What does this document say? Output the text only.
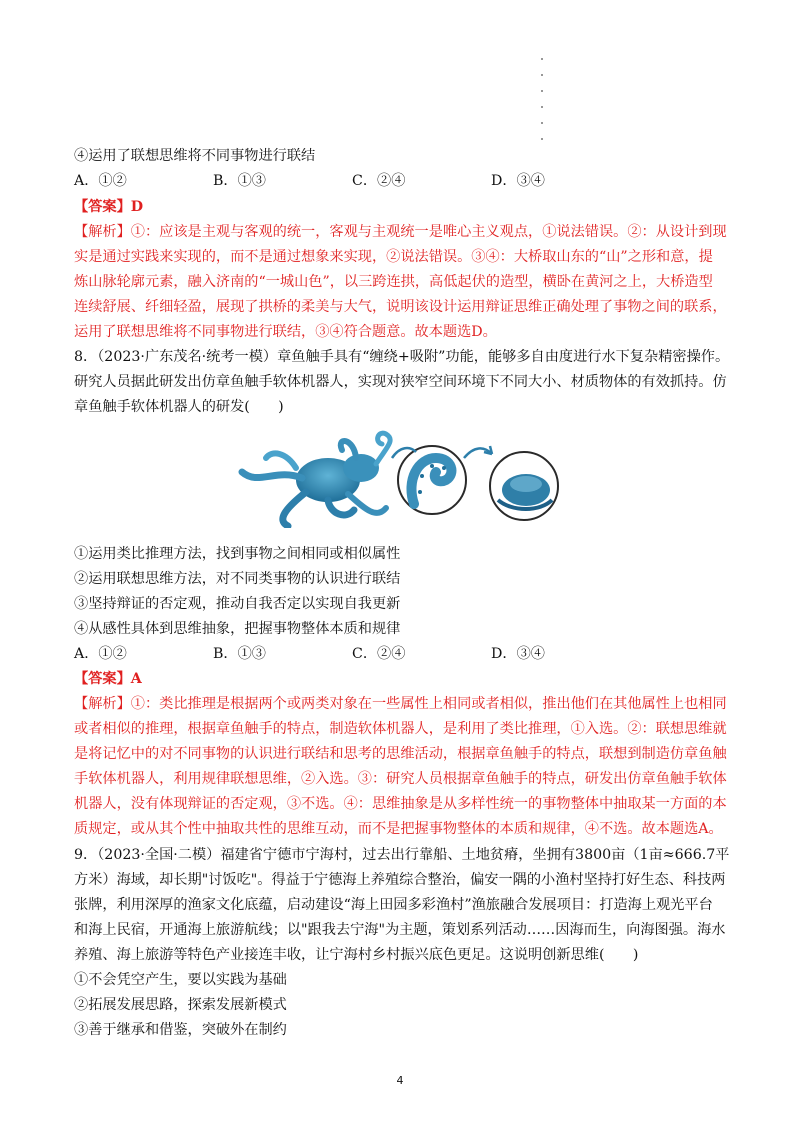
④运用了联想思维将不同事物进行联结
A．①②	B．①③	C．②④	D．③④
【答案】D
【解析】①：应该是主观与客观的统一，客观与主观统一是唯心主义观点，①说法错误。②：从设计到现
实是通过实践来实现的，而不是通过想象来实现，②说法错误。③④：大桥取山东的“山”之形和意，提
炼山脉轮廓元素，融入济南的“一城山色”，以三跨连拱，高低起伏的造型，横卧在黄河之上，大桥造型
连续舒展、纤细轻盈，展现了拱桥的柔美与大气，说明该设计运用辩证思维正确处理了事物之间的联系，
运用了联想思维将不同事物进行联结，③④符合题意。故本题选D。
8．（2023·广东茂名·统考一模）章鱼触手具有“缠绕+吸附”功能，能够多自由度进行水下复杂精密操作。
研究人员据此研发出仿章鱼触手软体机器人，实现对狭窄空间环境下不同大小、材质物体的有效抓持。仿
章鱼触手软体机器人的研发(　　)
①运用类比推理方法，找到事物之间相同或相似属性
②运用联想思维方法，对不同类事物的认识进行联结
③坚持辩证的否定观，推动自我否定以实现自我更新
④从感性具体到思维抽象，把握事物整体本质和规律
A．①②	B．①③	C．②④	D．③④
【答案】A
【解析】①：类比推理是根据两个或两类对象在一些属性上相同或者相似，推出他们在其他属性上也相同
或者相似的推理，根据章鱼触手的特点，制造软体机器人，是利用了类比推理，①入选。②：联想思维就
是将记忆中的对不同事物的认识进行联结和思考的思维活动，根据章鱼触手的特点，联想到制造仿章鱼触
手软体机器人，利用规律联想思维，②入选。③：研究人员根据章鱼触手的特点，研发出仿章鱼触手软体
机器人，没有体现辩证的否定观，③不选。④：思维抽象是从多样性统一的事物整体中抽取某一方面的本
质规定，或从其个性中抽取共性的思维互动，而不是把握事物整体的本质和规律，④不选。故本题选A。
9．（2023·全国·二模）福建省宁德市宁海村，过去出行靠船、土地贫瘠，坐拥有3800亩（1亩≈666.7平
方米）海域，却长期"讨饭吃"。得益于宁德海上养殖综合整治，偏安一隅的小渔村坚持打好生态、科技两
张牌，利用深厚的渔家文化底蕴，启动建设“海上田园多彩渔村”渔旅融合发展项目：打造海上观光平台
和海上民宿，开通海上旅游航线；以"跟我去宁海"为主题，策划系列活动……因海而生，向海图强。海水
养殖、海上旅游等特色产业接连丰收，让宁海村乡村振兴底色更足。这说明创新思维(　　)
①不会凭空产生，要以实践为基础
②拓展发展思路，探索发展新模式
③善于继承和借鉴，突破外在制约
4
